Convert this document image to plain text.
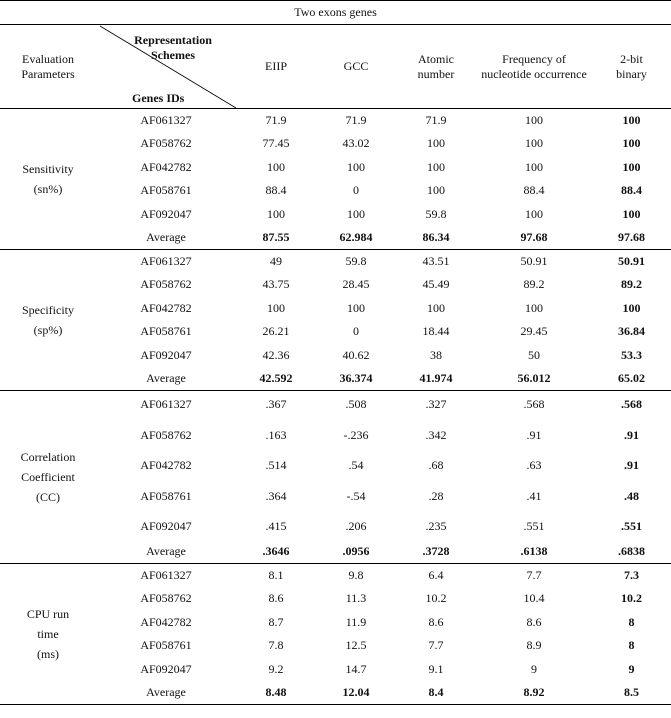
Two exons genes						
Evaluation Parameters	Representation Schemes
Genes IDs	EIIP	GCC	Atomic number	Frequency of nucleotide occurrence	2-bit binary

Sensitivity
(sn%)	AF061327	71.9	71.9	71.9	100	100
	AF058762	77.45	43.02	100	100	100
	AF042782	100	100	100	100	100
	AF058761	88.4	0	100	88.4	88.4
	AF092047	100	100	59.8	100	100
	Average	87.55	62.984	86.34	97.68	97.68

Specificity
(sp%)	AF061327	49	59.8	43.51	50.91	50.91
	AF058762	43.75	28.45	45.49	89.2	89.2
	AF042782	100	100	100	100	100
	AF058761	26.21	0	18.44	29.45	36.84
	AF092047	42.36	40.62	38	50	53.3
	Average	42.592	36.374	41.974	56.012	65.02

Correlation
Coefficient
(CC)	AF061327	.367	.508	.327	.568	.568
	AF058762	.163	-.236	.342	.91	.91
	AF042782	.514	.54	.68	.63	.91
	AF058761	.364	-.54	.28	.41	.48
	AF092047	.415	.206	.235	.551	.551
	Average	.3646	.0956	.3728	.6138	.6838

CPU run
time
(ms)	AF061327	8.1	9.8	6.4	7.7	7.3
	AF058762	8.6	11.3	10.2	10.4	10.2
	AF042782	8.7	11.9	8.6	8.6	8
	AF058761	7.8	12.5	7.7	8.9	8
	AF092047	9.2	14.7	9.1	9	9
	Average	8.48	12.04	8.4	8.92	8.5
